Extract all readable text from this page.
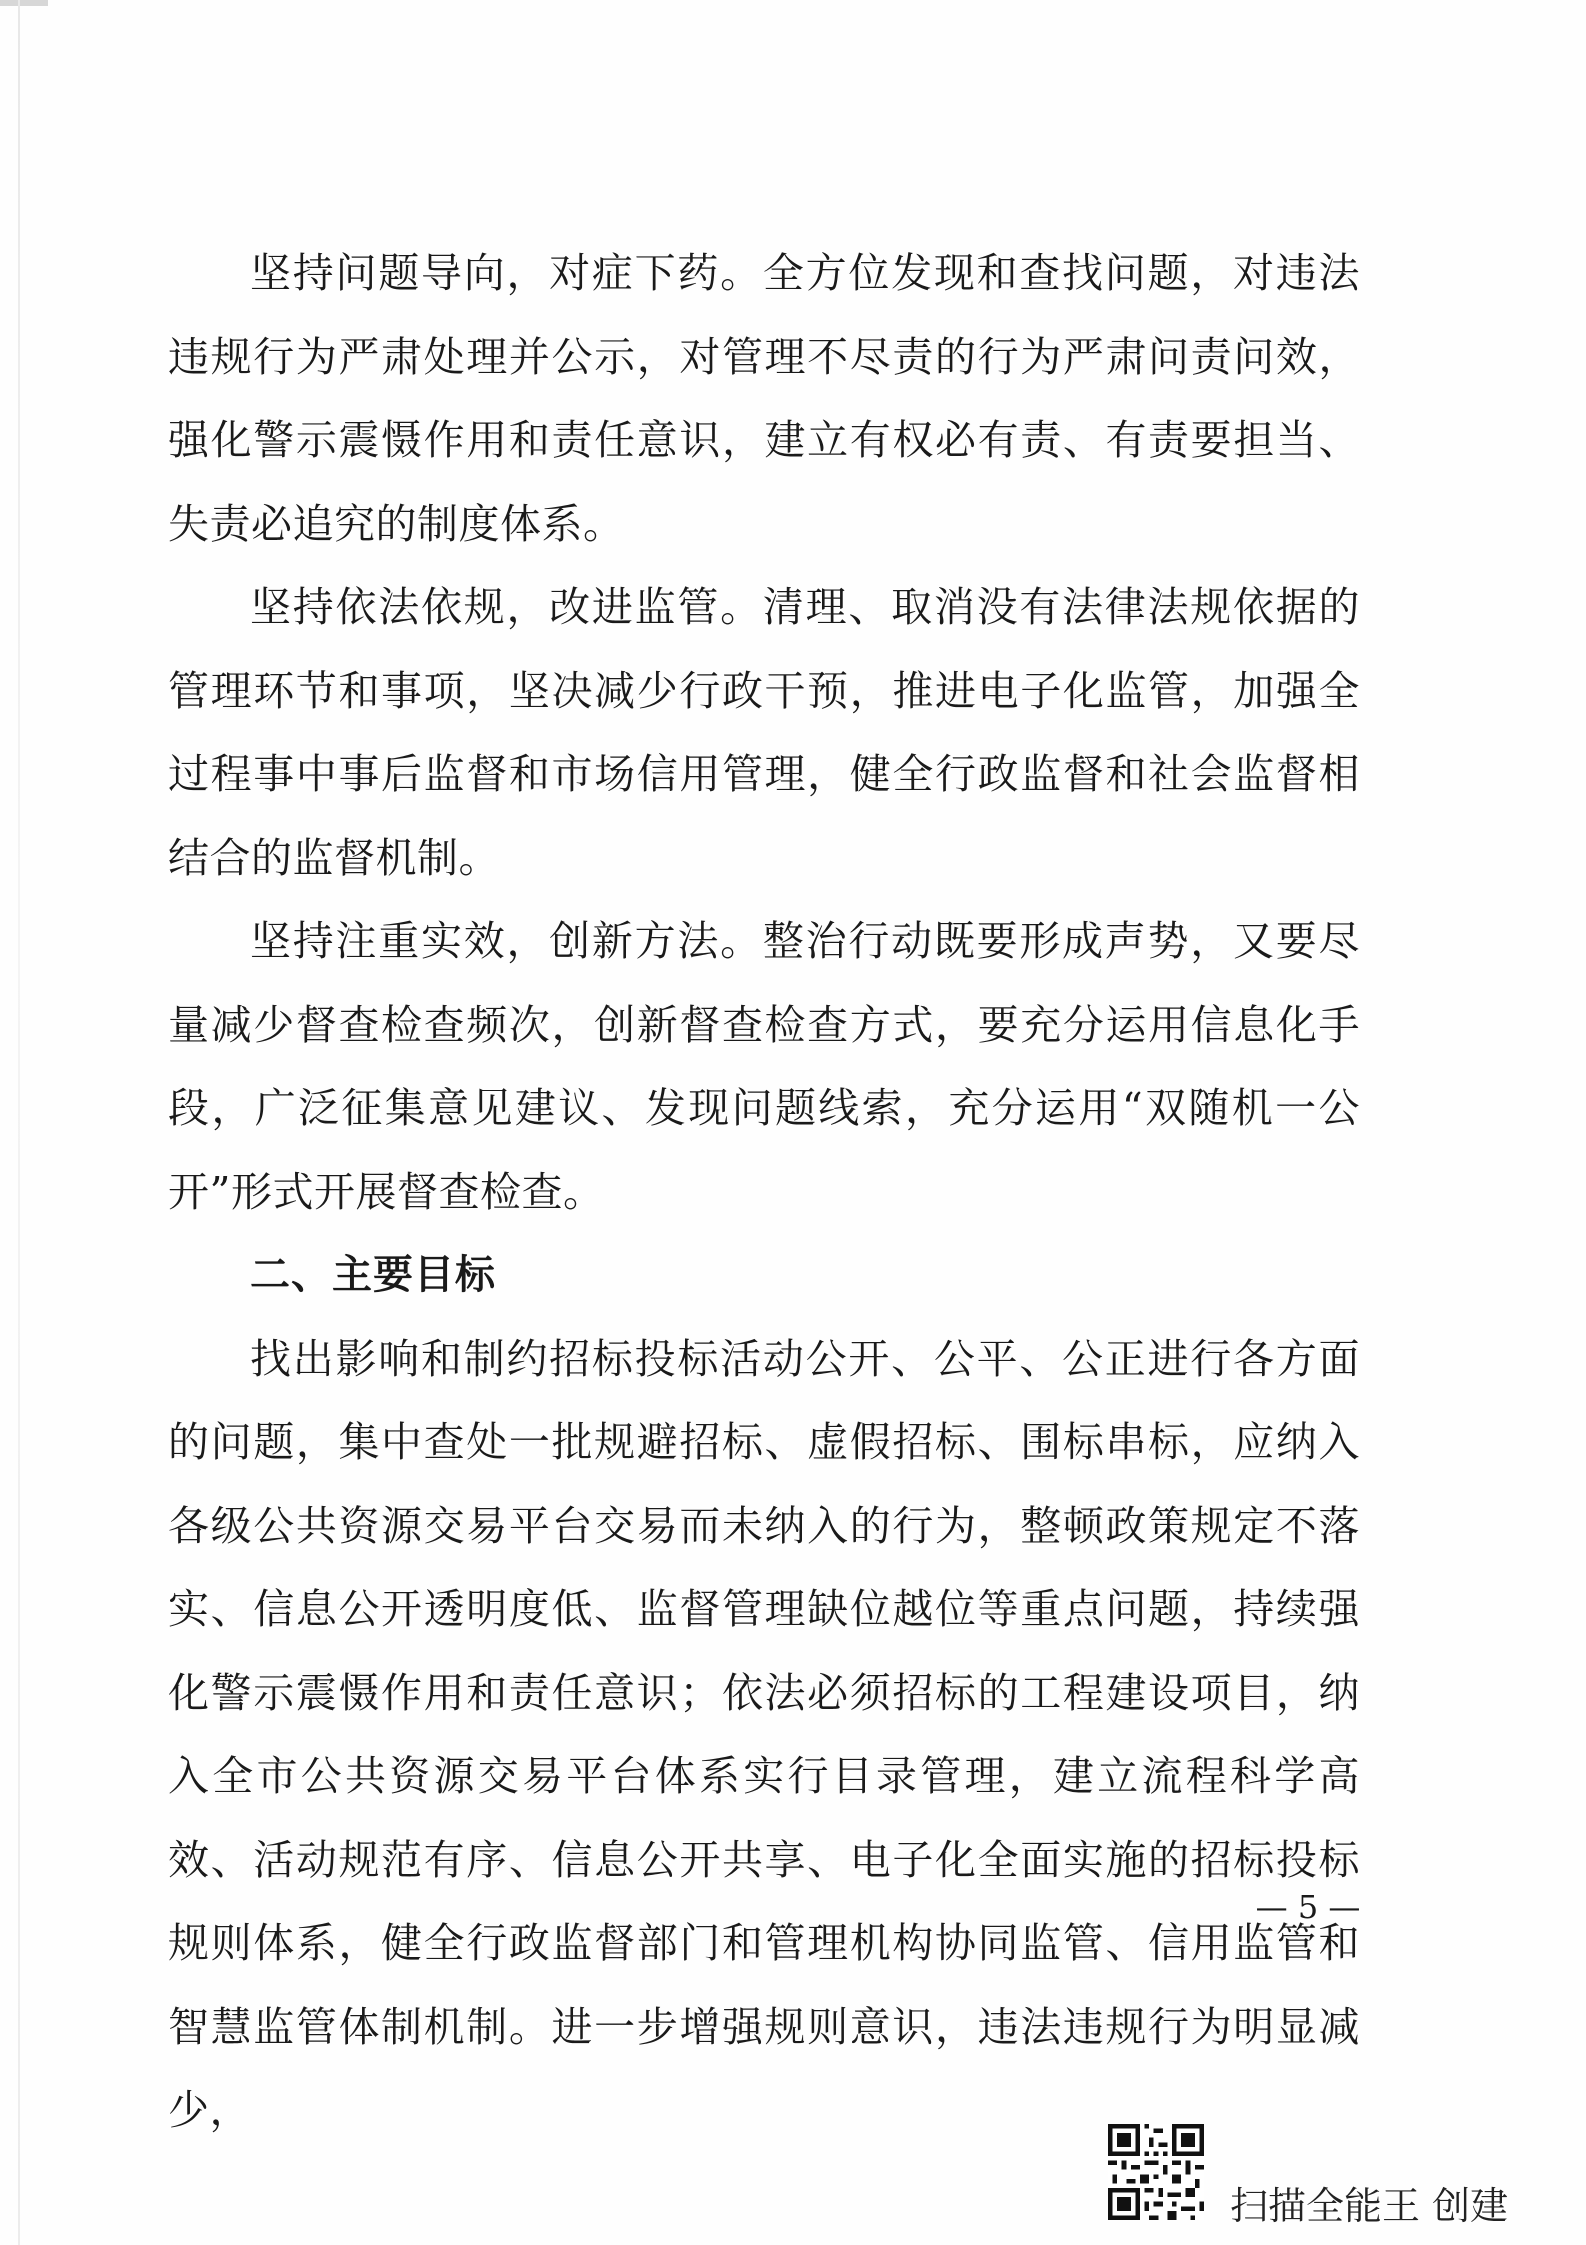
坚持问题导向，对症下药。全方位发现和查找问题，对违法违规行为严肃处理并公示，对管理不尽责的行为严肃问责问效，强化警示震慑作用和责任意识，建立有权必有责、有责要担当、失责必追究的制度体系。

坚持依法依规，改进监管。清理、取消没有法律法规依据的管理环节和事项，坚决减少行政干预，推进电子化监管，加强全过程事中事后监督和市场信用管理，健全行政监督和社会监督相结合的监督机制。

坚持注重实效，创新方法。整治行动既要形成声势，又要尽量减少督查检查频次，创新督查检查方式，要充分运用信息化手段，广泛征集意见建议、发现问题线索，充分运用“双随机一公开”形式开展督查检查。

二、主要目标

找出影响和制约招标投标活动公开、公平、公正进行各方面的问题，集中查处一批规避招标、虚假招标、围标串标，应纳入各级公共资源交易平台交易而未纳入的行为，整顿政策规定不落实、信息公开透明度低、监督管理缺位越位等重点问题，持续强化警示震慑作用和责任意识；依法必须招标的工程建设项目，纳入全市公共资源交易平台体系实行目录管理，建立流程科学高效、活动规范有序、信息公开共享、电子化全面实施的招标投标规则体系，健全行政监督部门和管理机构协同监管、信用监管和智慧监管体制机制。进一步增强规则意识，违法违规行为明显减少，

— 5 —
扫描全能王 创建
